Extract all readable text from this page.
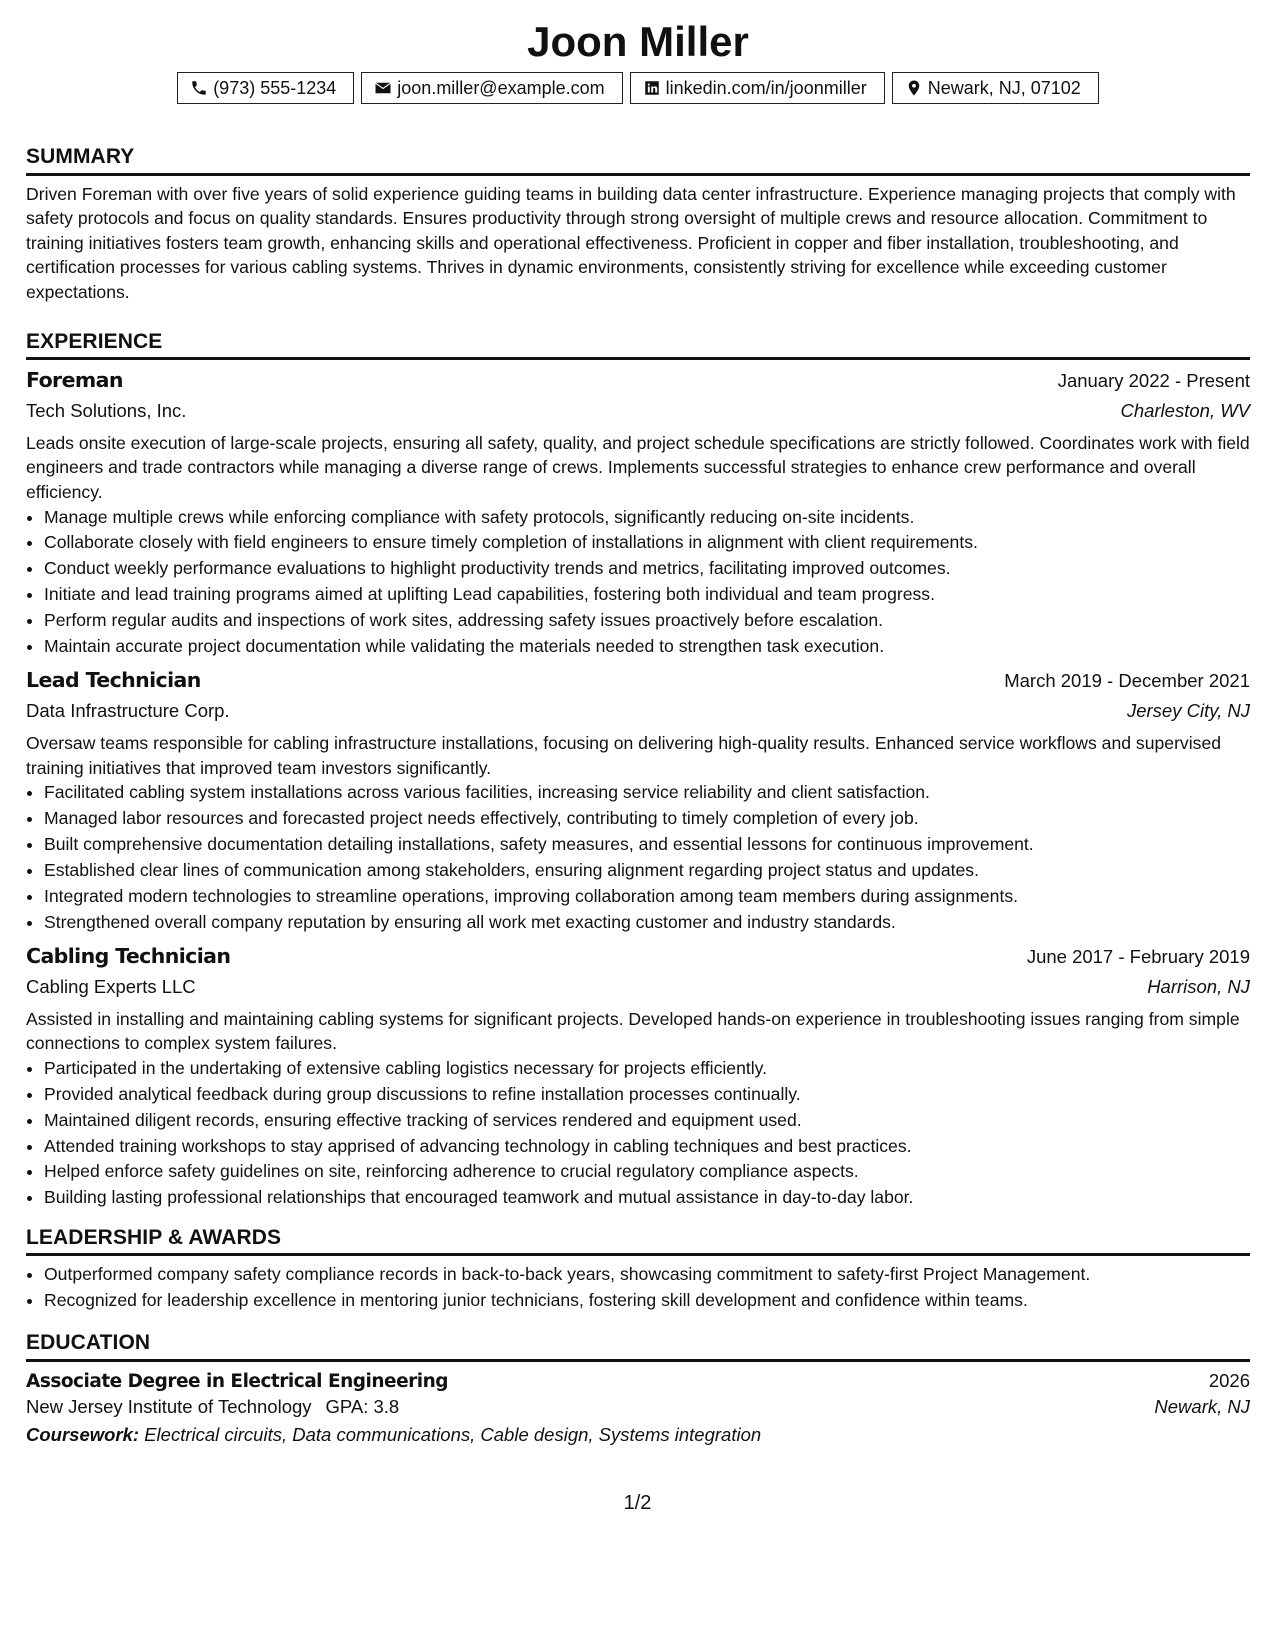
Joon Miller
(973) 555-1234	joon.miller@example.com	linkedin.com/in/joonmiller	Newark, NJ, 07102
SUMMARY

Driven Foreman with over five years of solid experience guiding teams in building data center infrastructure. Experience managing projects that comply with safety protocols and focus on quality standards. Ensures productivity through strong oversight of multiple crews and resource allocation. Commitment to training initiatives fosters team growth, enhancing skills and operational effectiveness. Proficient in copper and fiber installation, troubleshooting, and certification processes for various cabling systems. Thrives in dynamic environments, consistently striving for excellence while exceeding customer expectations.

EXPERIENCE
Foreman	January 2022 - Present
Tech Solutions, Inc.	Charleston, WV

Leads onsite execution of large-scale projects, ensuring all safety, quality, and project schedule specifications are strictly followed. Coordinates work with field engineers and trade contractors while managing a diverse range of crews. Implements successful strategies to enhance crew performance and overall efficiency.

• Manage multiple crews while enforcing compliance with safety protocols, significantly reducing on-site incidents.
• Collaborate closely with field engineers to ensure timely completion of installations in alignment with client requirements.
• Conduct weekly performance evaluations to highlight productivity trends and metrics, facilitating improved outcomes.
• Initiate and lead training programs aimed at uplifting Lead capabilities, fostering both individual and team progress.
• Perform regular audits and inspections of work sites, addressing safety issues proactively before escalation.
• Maintain accurate project documentation while validating the materials needed to strengthen task execution.
Lead Technician	March 2019 - December 2021
Data Infrastructure Corp.	Jersey City, NJ

Oversaw teams responsible for cabling infrastructure installations, focusing on delivering high-quality results. Enhanced service workflows and supervised training initiatives that improved team investors significantly.

• Facilitated cabling system installations across various facilities, increasing service reliability and client satisfaction.
• Managed labor resources and forecasted project needs effectively, contributing to timely completion of every job.
• Built comprehensive documentation detailing installations, safety measures, and essential lessons for continuous improvement.
• Established clear lines of communication among stakeholders, ensuring alignment regarding project status and updates.
• Integrated modern technologies to streamline operations, improving collaboration among team members during assignments.
• Strengthened overall company reputation by ensuring all work met exacting customer and industry standards.
Cabling Technician	June 2017 - February 2019
Cabling Experts LLC	Harrison, NJ

Assisted in installing and maintaining cabling systems for significant projects. Developed hands-on experience in troubleshooting issues ranging from simple connections to complex system failures.

• Participated in the undertaking of extensive cabling logistics necessary for projects efficiently.
• Provided analytical feedback during group discussions to refine installation processes continually.
• Maintained diligent records, ensuring effective tracking of services rendered and equipment used.
• Attended training workshops to stay apprised of advancing technology in cabling techniques and best practices.
• Helped enforce safety guidelines on site, reinforcing adherence to crucial regulatory compliance aspects.
• Building lasting professional relationships that encouraged teamwork and mutual assistance in day-to-day labor.
LEADERSHIP & AWARDS
• Outperformed company safety compliance records in back-to-back years, showcasing commitment to safety-first Project Management.
• Recognized for leadership excellence in mentoring junior technicians, fostering skill development and confidence within teams.
EDUCATION
Associate Degree in Electrical Engineering	2026
New Jersey Institute of Technology GPA: 3.8	Newark, NJ
Coursework: Electrical circuits, Data communications, Cable design, Systems integration
1/2
